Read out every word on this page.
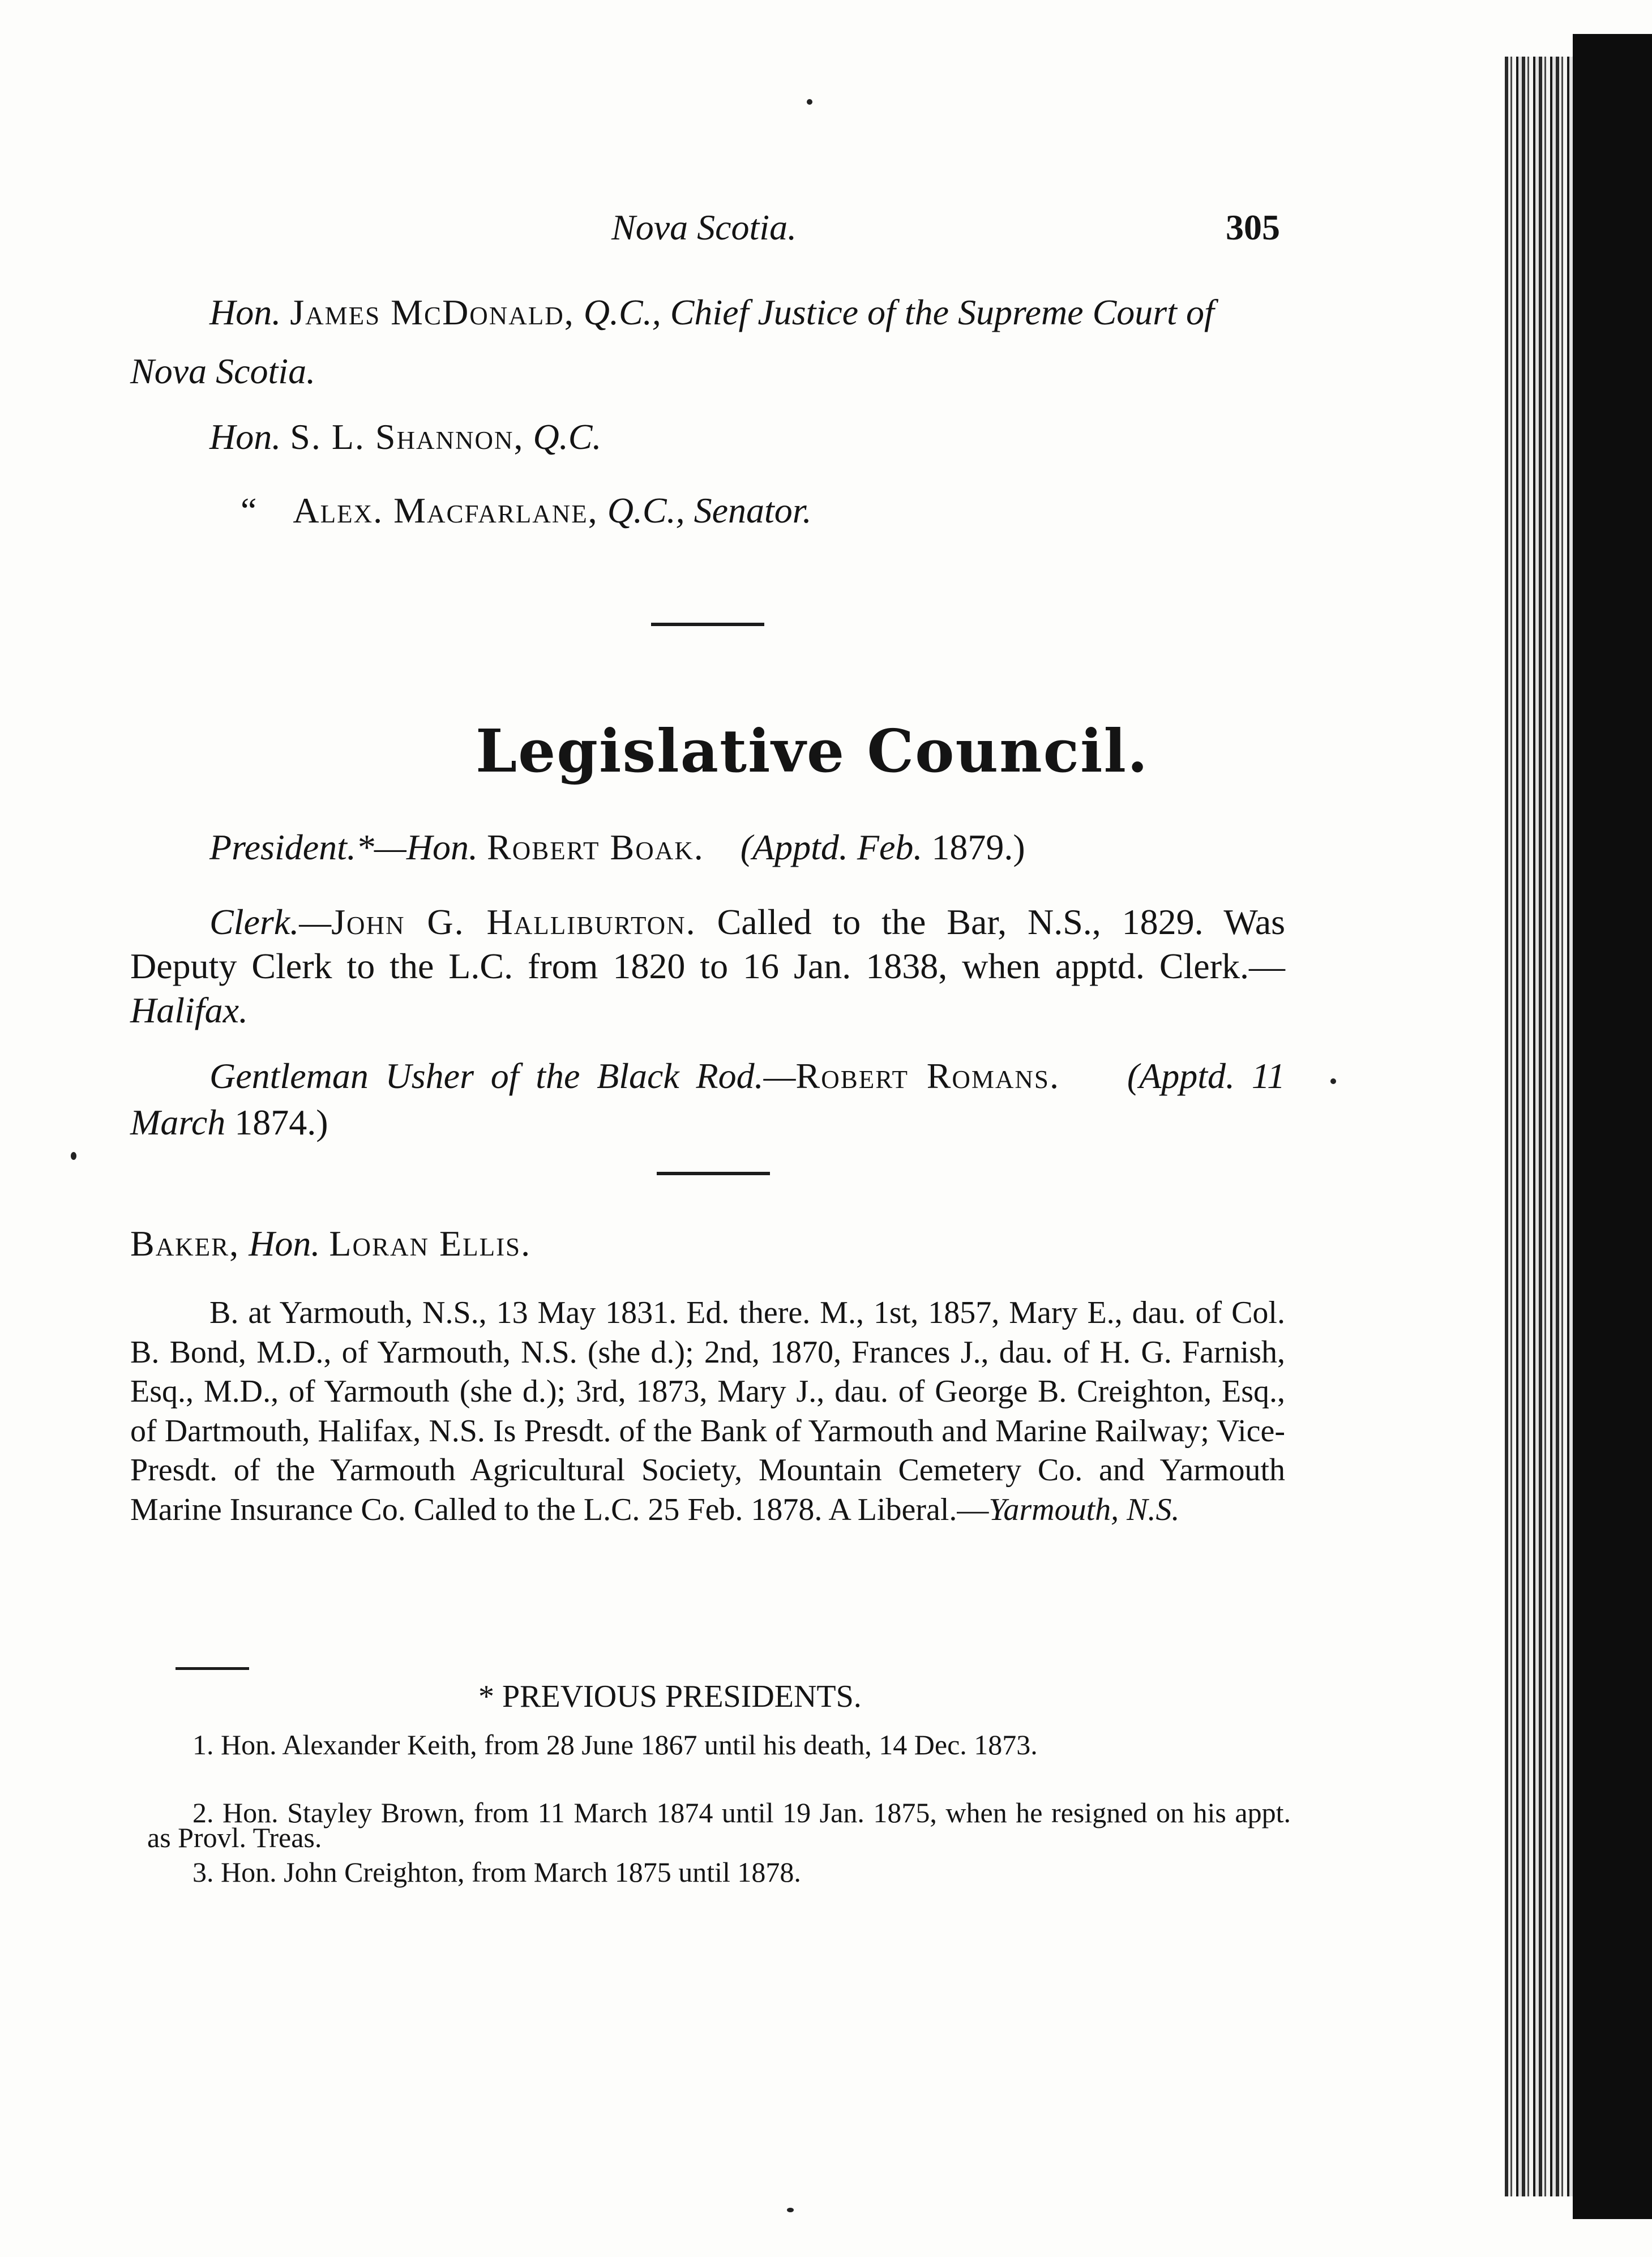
Nova Scotia.	305
Hon. James McDonald, Q.C., Chief Justice of the Supreme Court of Nova Scotia.
Hon. S. L. Shannon, Q.C.
“ Alex. Macfarlane, Q.C., Senator.
Legislative Council.
President.*—Hon. Robert Boak. (Apptd. Feb. 1879.)
Clerk.—John G. Halliburton. Called to the Bar, N.S., 1829. Was Deputy Clerk to the L.C. from 1820 to 16 Jan. 1838, when apptd. Clerk.—Halifax.
Gentleman Usher of the Black Rod.—Robert Romans. (Apptd. 11 March 1874.)
Baker, Hon. Loran Ellis.
B. at Yarmouth, N.S., 13 May 1831. Ed. there. M., 1st, 1857, Mary E., dau. of Col. B. Bond, M.D., of Yarmouth, N.S. (she d.); 2nd, 1870, Frances J., dau. of H. G. Farnish, Esq., M.D., of Yarmouth (she d.); 3rd, 1873, Mary J., dau. of George B. Creighton, Esq., of Dartmouth, Halifax, N.S. Is Presdt. of the Bank of Yarmouth and Marine Railway; Vice-Presdt. of the Yarmouth Agricultural Society, Mountain Cemetery Co. and Yarmouth Marine Insurance Co. Called to the L.C. 25 Feb. 1878. A Liberal.—Yarmouth, N.S.
* PREVIOUS PRESIDENTS.
1. Hon. Alexander Keith, from 28 June 1867 until his death, 14 Dec. 1873.
2. Hon. Stayley Brown, from 11 March 1874 until 19 Jan. 1875, when he resigned on his appt. as Provl. Treas.
3. Hon. John Creighton, from March 1875 until 1878.
